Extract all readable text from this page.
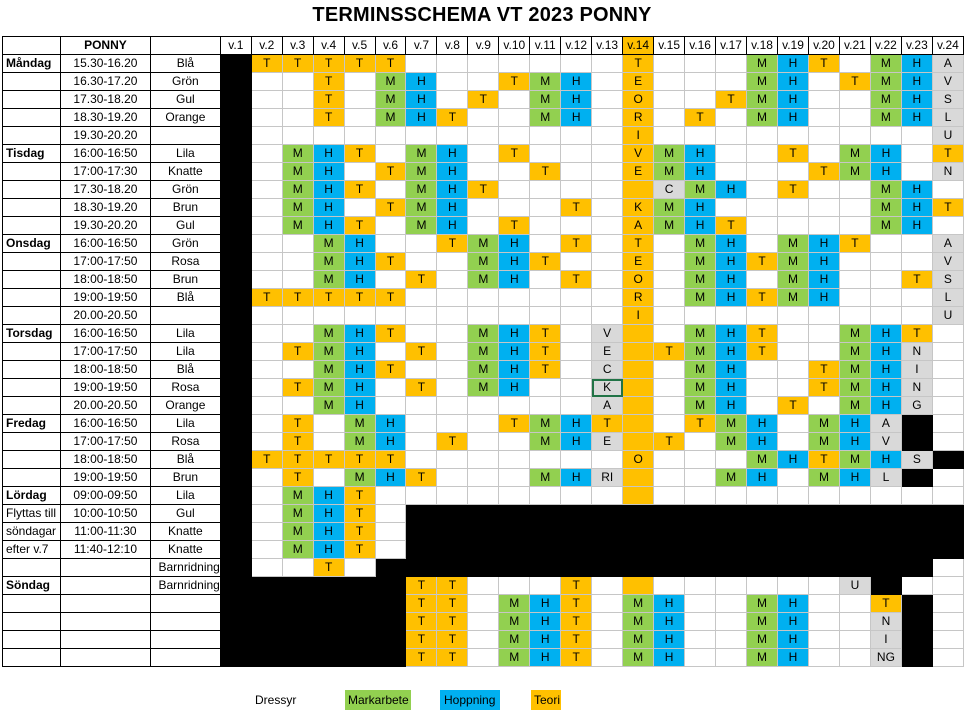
TERMINSSCHEMA VT 2023 PONNY
	PONNY		v.1	v.2	v.3	v.4	v.5	v.6	v.7	v.8	v.9	v.10	v.11	v.12	v.13	v.14	v.15	v.16	v.17	v.18	v.19	v.20	v.21	v.22	v.23	v.24
Måndag	15.30-16.20	Blå		T	T	T	T	T								T				M	H	T		M	H	A
	16.30-17.20	Grön				T		M	H			T	M	H		E				M	H		T	M	H	V
	17.30-18.20	Gul				T		M	H		T		M	H		O			T	M	H			M	H	S
	18.30-19.20	Orange				T		M	H	T			M	H		R		T		M	H			M	H	L
	19.30-20.20															I										U
Tisdag	16:00-16:50	Lila			M	H	T		M	H		T				V	M	H			T		M	H		T
	17:00-17:30	Knatte			M	H		T	M	H			T			E	M	H				T	M	H		N
	17.30-18.20	Grön			M	H	T		M	H	T						C	M	H		T			M	H	
	18.30-19.20	Brun			M	H		T	M	H				T		K	M	H						M	H	T
	19.30-20.20	Gul			M	H	T		M	H		T				A	M	H	T					M	H	
Onsdag	16:00-16:50	Grön				M	H			T	M	H		T		T		M	H		M	H	T			A
	17:00-17:50	Rosa				M	H	T			M	H	T			E		M	H	T	M	H				V
	18:00-18:50	Brun				M	H		T		M	H		T		O		M	H		M	H			T	S
	19:00-19:50	Blå		T	T	T	T	T								R		M	H	T	M	H				L
	20.00-20.50															I										U
Torsdag	16:00-16:50	Lila				M	H	T			M	H	T		V			M	H	T			M	H	T	
	17:00-17:50	Lila			T	M	H		T		M	H	T		E		T	M	H	T			M	H	N	
	18:00-18:50	Blå				M	H	T			M	H	T		C			M	H			T	M	H	I	
	19:00-19:50	Rosa			T	M	H		T		M	H			K			M	H			T	M	H	N	
	20.00-20.50	Orange				M	H								A			M	H		T		M	H	G	
Fredag	16:00-16:50	Lila			T		M	H				T	M	H	T			T	M	H		M	H	A		
	17:00-17:50	Rosa			T		M	H		T			M	H	E		T		M	H		M	H	V		
	18:00-18:50	Blå		T	T	T	T	T								O				M	H	T	M	H	S	
	19:00-19:50	Brun			T		M	H	T				M	H	RI				M	H		M	H	L		
Lördag	09:00-09:50	Lila			M	H	T																			
Flyttas till	10:00-10:50	Gul			M	H	T																			
söndagar	11:00-11:30	Knatte			M	H	T																			
efter v.7	11:40-12:10	Knatte			M	H	T																			
		Barnridning				T																				
Söndag		Barnridning							T	T				T									U			
									T	T		M	H	T		M	H			M	H			T		
									T	T		M	H	T		M	H			M	H			N		
									T	T		M	H	T		M	H			M	H			I		
									T	T		M	H	T		M	H			M	H			NG		
Dressyr	Markarbete	Hoppning	Teori
